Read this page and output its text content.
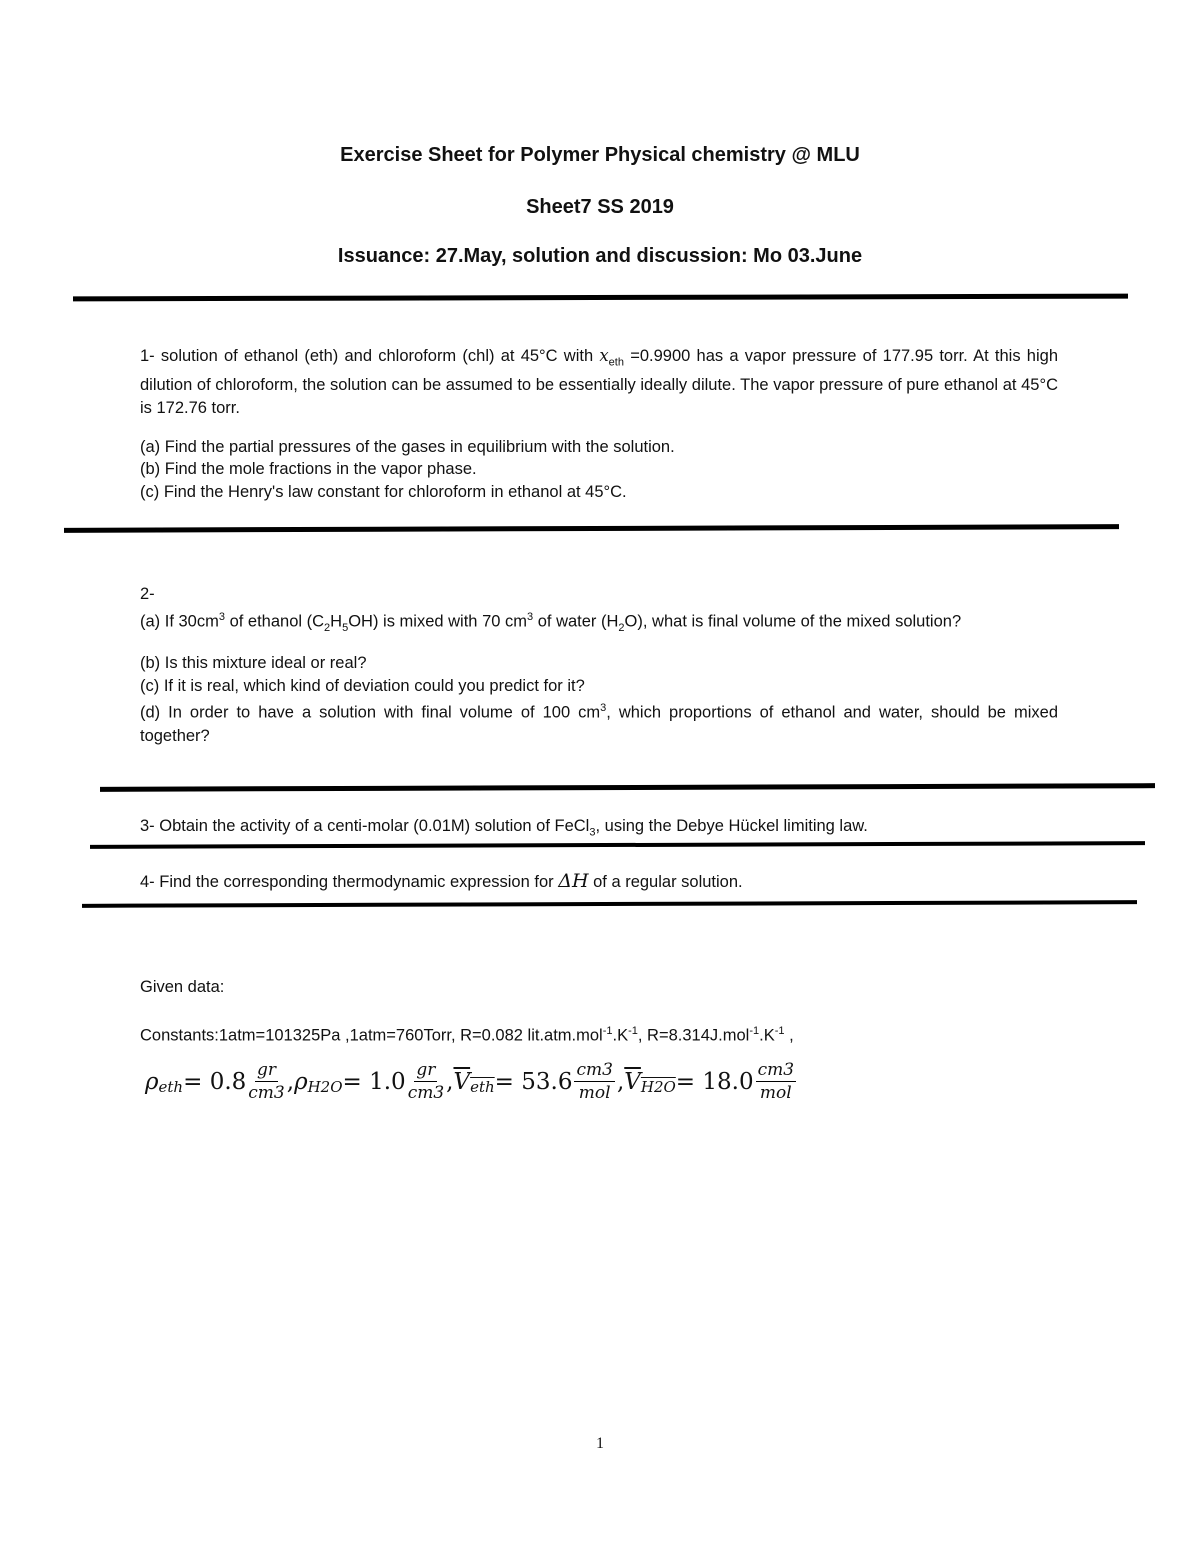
Exercise Sheet for Polymer Physical chemistry @ MLU
Sheet7 SS 2019
Issuance: 27.May, solution and discussion: Mo 03.June

1- solution of ethanol (eth) and chloroform (chl) at 45°C with $x_{eth} =0.9900$ has a vapor pressure of 177.95 torr. At this high dilution of chloroform, the solution can be assumed to be essentially ideally dilute. The vapor pressure of pure ethanol at 45°C is 172.76 torr.

(a) Find the partial pressures of the gases in equilibrium with the solution.

(b) Find the mole fractions in the vapor phase.

(c) Find the Henry's law constant for chloroform in ethanol at 45°C.

2-

(a) If $30cm^3$ of ethanol $(C_2H_5OH)$ is mixed with 70 $cm^3$ of water $(H_2O)$, what is final volume of the mixed solution?

(b) Is this mixture ideal or real?

(c) If it is real, which kind of deviation could you predict for it?

(d) In order to have a solution with final volume of 100 $cm^3$, which proportions of ethanol and water, should be mixed together?

3- Obtain the activity of a centi-molar (0.01M) solution of FeCl$_3$, using the Debye Hückel limiting law.

4- Find the corresponding thermodynamic expression for ΔH of a regular solution.

Given data:

Constants:1atm=101325Pa ,1atm=760Torr, R=0.082 $lit.atm.mol^{-1}.K^{-1}$, $R=8.314J.mol^{-1}.K^{-1}$ ,

$\rho_{eth} = 0.8 \frac{gr}{cm3}$ , $\rho_{H2O} = 1.0 \frac{gr}{cm3}$ , $\overline{V}_{\overline{eth}} = 53.6 \frac{cm3}{\text{mol}}$ , $\overline{V}_{H2O} = 18.0 \frac{cm3}{\text{mol}}$
1
